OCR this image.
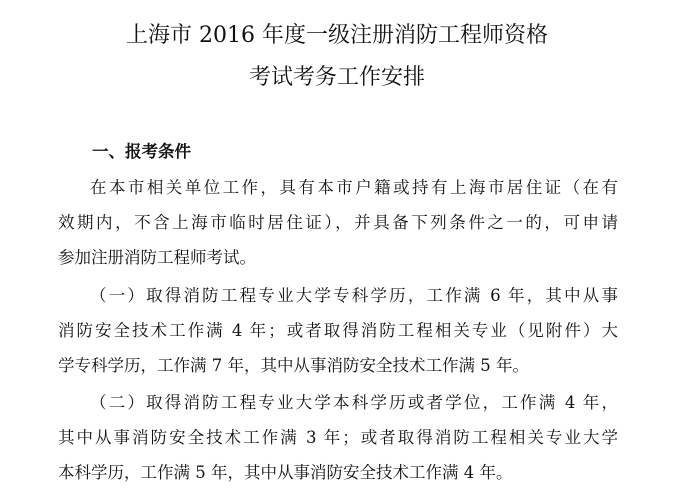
上海市 2016 年度一级注册消防工程师资格
考试考务工作安排
一、报考条件
在本市相关单位工作，具有本市户籍或持有上海市居住证（在有
效期内，不含上海市临时居住证），并具备下列条件之一的，可申请
参加注册消防工程师考试。
（一）取得消防工程专业大学专科学历，工作满 6 年，其中从事
消防安全技术工作满 4 年；或者取得消防工程相关专业（见附件）大
学专科学历，工作满 7 年，其中从事消防安全技术工作满 5 年。
（二）取得消防工程专业大学本科学历或者学位，工作满 4 年，
其中从事消防安全技术工作满 3 年；或者取得消防工程相关专业大学
本科学历，工作满 5 年，其中从事消防安全技术工作满 4 年。
